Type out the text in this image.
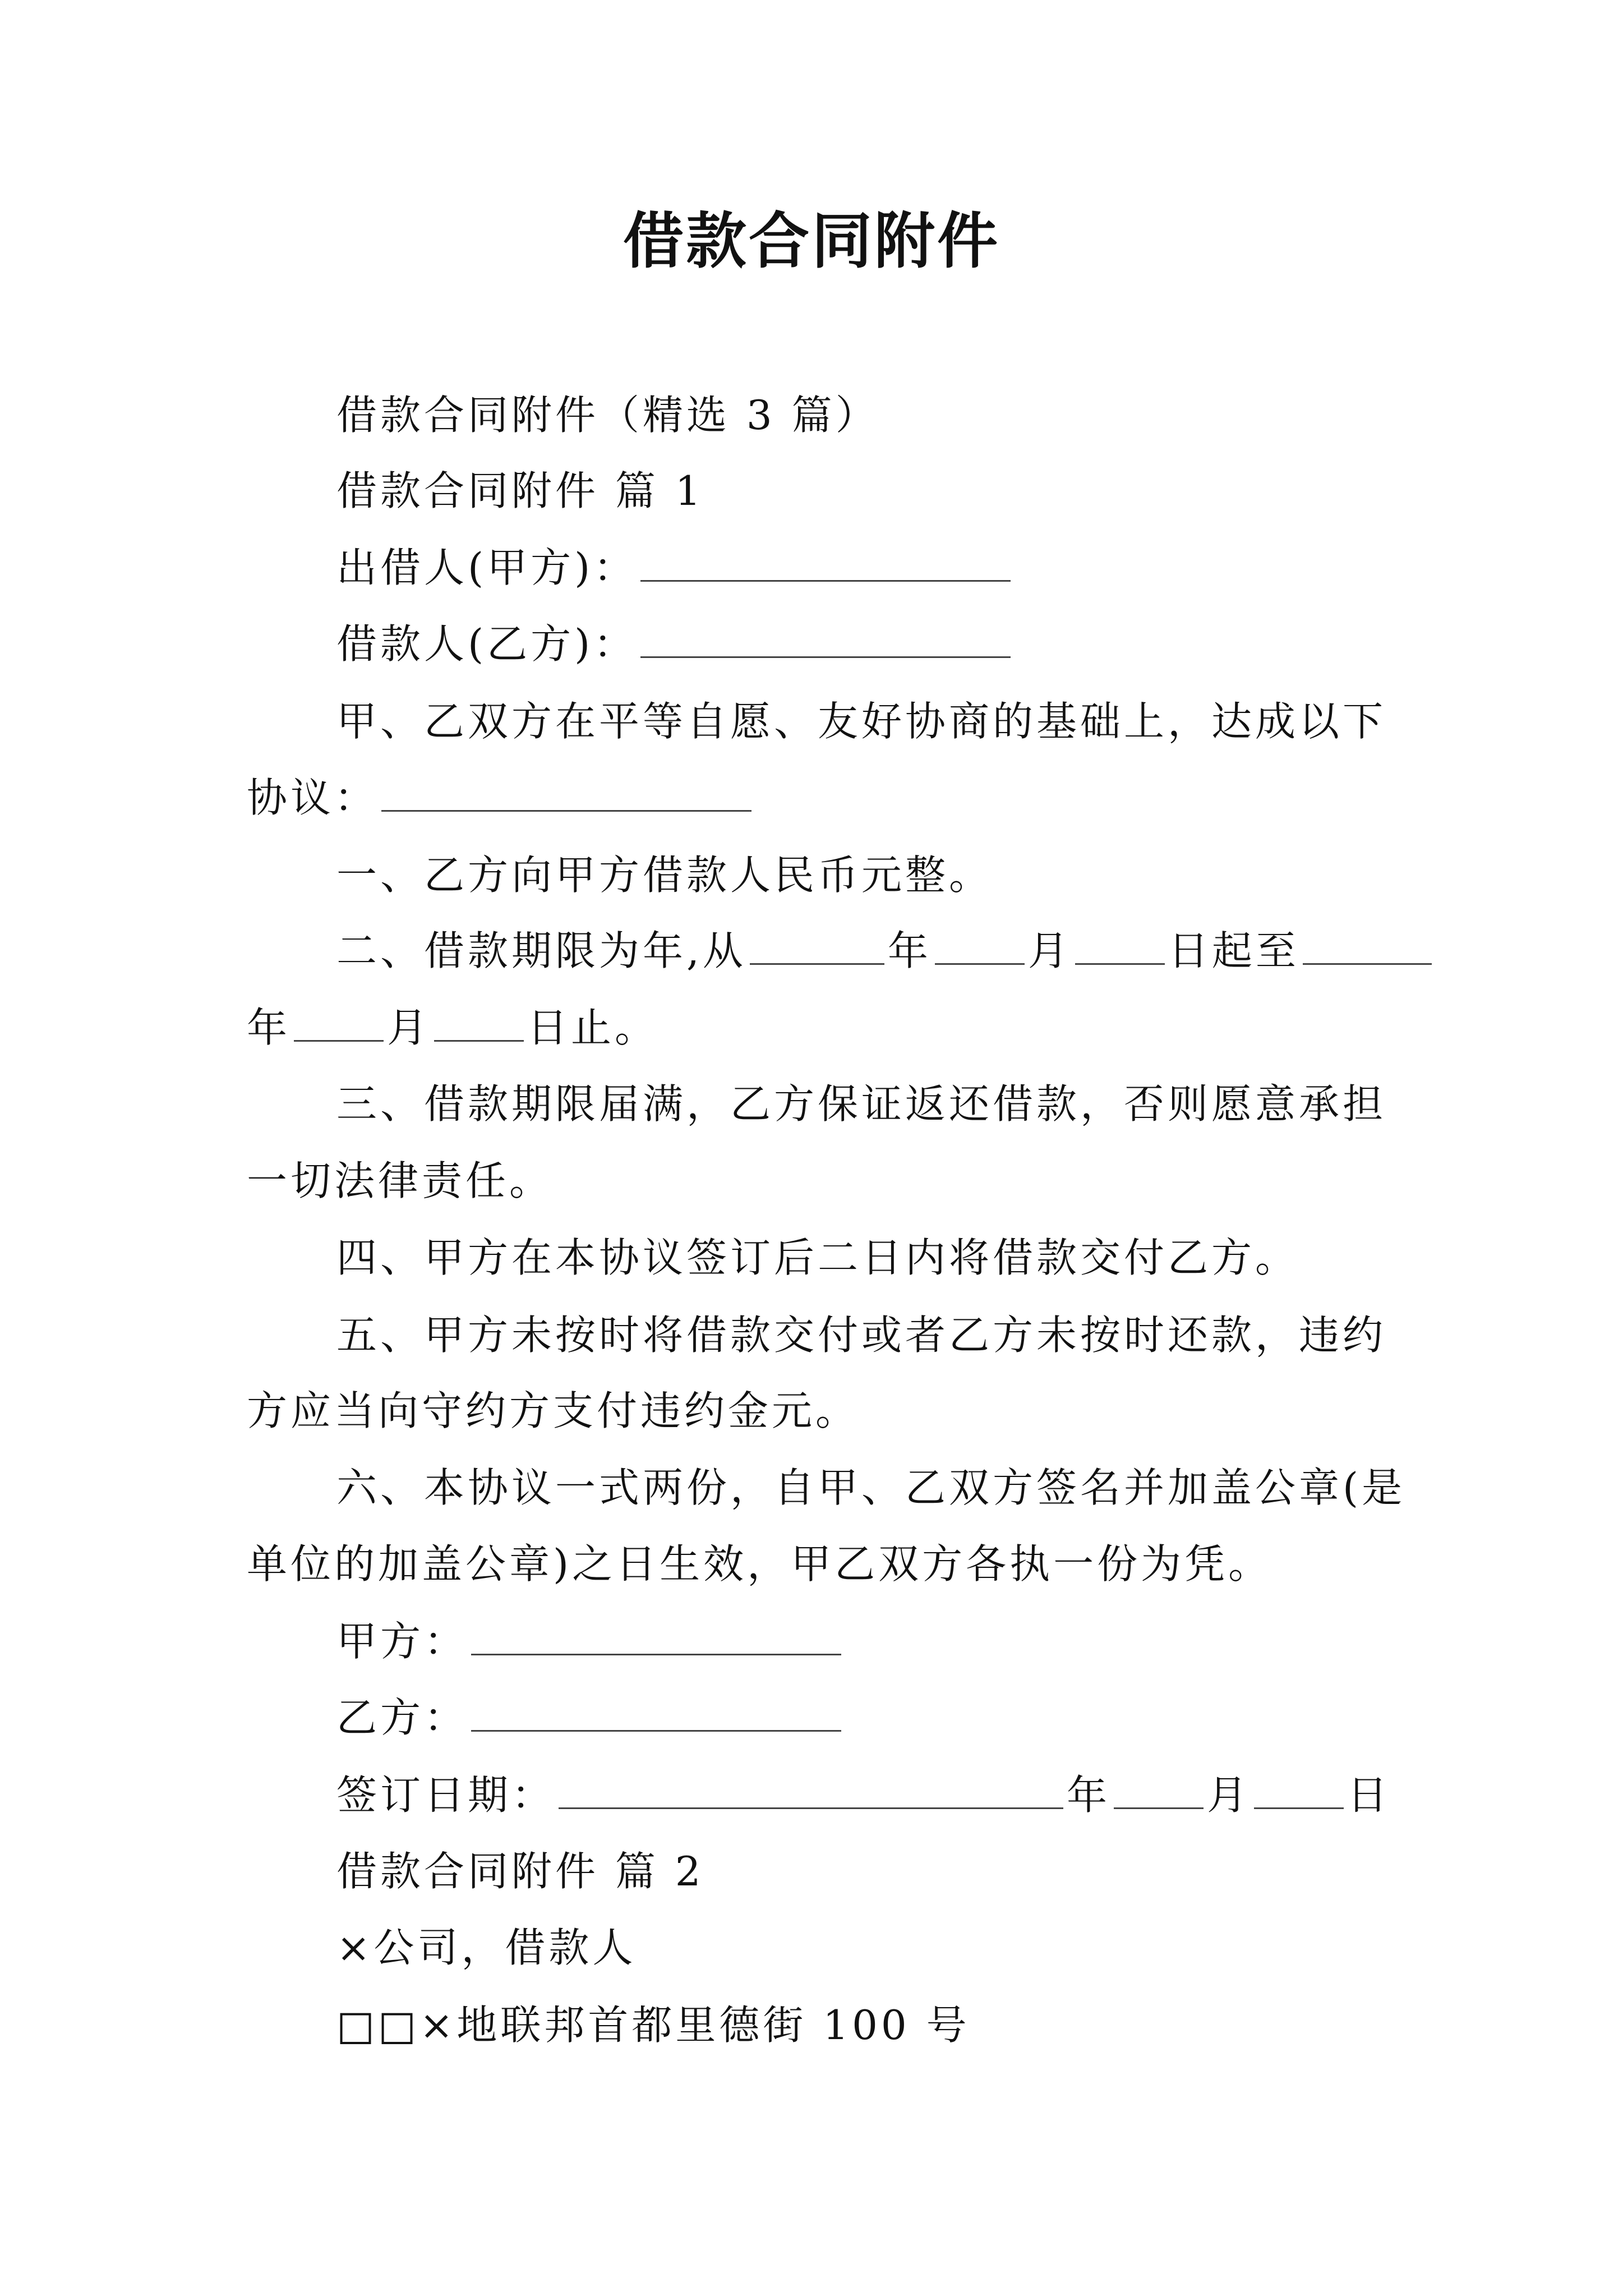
借款合同附件
借款合同附件（精选 3 篇）
借款合同附件 篇 1
出借人(甲方)：
借款人(乙方)：
甲、乙双方在平等自愿、友好协商的基础上，达成以下
协议：
一、乙方向甲方借款人民币元整。
二、借款期限为年,从	年 月 日起至
年 月 日止。
三、借款期限届满，乙方保证返还借款，否则愿意承担
一切法律责任。
四、甲方在本协议签订后二日内将借款交付乙方。
五、甲方未按时将借款交付或者乙方未按时还款，违约
方应当向守约方支付违约金元。
六、本协议一式两份，自甲、乙双方签名并加盖公章(是
单位的加盖公章)之日生效，甲乙双方各执一份为凭。
甲方：
乙方：
签订日期：	年 月 日
借款合同附件 篇 2
×公司，借款人
□□×地联邦首都里德街 100 号
